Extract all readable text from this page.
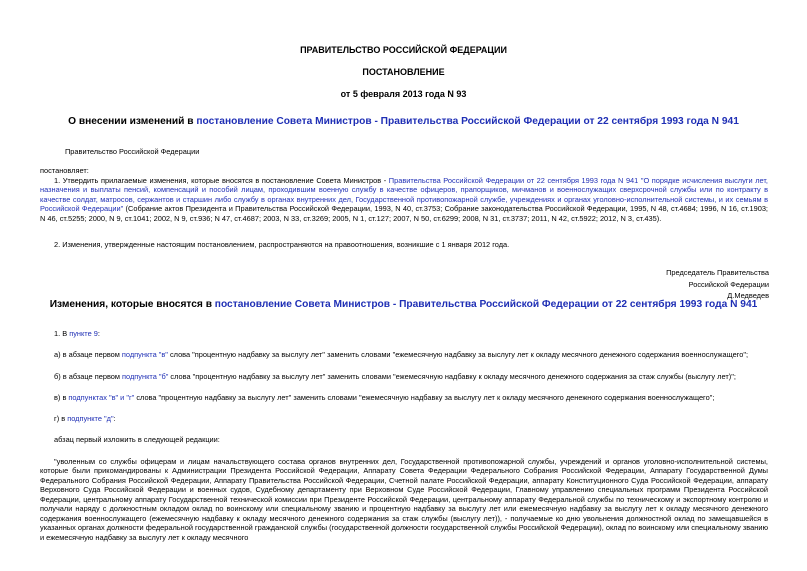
ПРАВИТЕЛЬСТВО РОССИЙСКОЙ ФЕДЕРАЦИИ
ПОСТАНОВЛЕНИЕ
от 5 февраля 2013 года N 93
О внесении изменений в постановление Совета Министров - Правительства Российской Федерации от 22 сентября 1993 года N 941
Правительство Российской Федерации
постановляет:
1. Утвердить прилагаемые изменения, которые вносятся в постановление Совета Министров - Правительства Российской Федерации от 22 сентября 1993 года N 941 "О порядке исчисления выслуги лет, назначения и выплаты пенсий, компенсаций и пособий лицам, проходившим военную службу в качестве офицеров, прапорщиков, мичманов и военнослужащих сверхсрочной службы или по контракту в качестве солдат, матросов, сержантов и старшин либо службу в органах внутренних дел, Государственной противопожарной службе, учреждениях и органах уголовно-исполнительной системы, и их семьям в Российской Федерации" (Собрание актов Президента и Правительства Российской Федерации, 1993, N 40, ст.3753; Собрание законодательства Российской Федерации, 1995, N 48, ст.4684; 1996, N 16, ст.1903; N 46, ст.5255; 2000, N 9, ст.1041; 2002, N 9, ст.936; N 47, ст.4687; 2003, N 33, ст.3269; 2005, N 1, ст.127; 2007, N 50, ст.6299; 2008, N 31, ст.3737; 2011, N 42, ст.5922; 2012, N 3, ст.435).
2. Изменения, утвержденные настоящим постановлением, распространяются на правоотношения, возникшие с 1 января 2012 года.
Председатель Правительства
Российской Федерации
Д.Медведев
Изменения, которые вносятся в постановление Совета Министров - Правительства Российской Федерации от 22 сентября 1993 года N 941
1. В пункте 9:
а) в абзаце первом подпункта "в" слова "процентную надбавку за выслугу лет" заменить словами "ежемесячную надбавку за выслугу лет к окладу месячного денежного содержания военнослужащего";
б) в абзаце первом подпункта "б" слова "процентную надбавку за выслугу лет" заменить словами "ежемесячную надбавку к окладу месячного денежного содержания за стаж службы (выслугу лет)";
в) в подпунктах "в" и "г" слова "процентную надбавку за выслугу лет" заменить словами "ежемесячную надбавку за выслугу лет к окладу месячного денежного содержания военнослужащего";
г) в подпункте "д":
абзац первый изложить в следующей редакции:
"уволенным со службы офицерам и лицам начальствующего состава органов внутренних дел, Государственной противопожарной службы, учреждений и органов уголовно-исполнительной системы, которые были прикомандированы к Администрации Президента Российской Федерации, Аппарату Совета Федерации Федерального Собрания Российской Федерации, Аппарату Государственной Думы Федерального Собрания Российской Федерации, Аппарату Правительства Российской Федерации, Счетной палате Российской Федерации, аппарату Конституционного Суда Российской Федерации, аппарату Верховного Суда Российской Федерации и военных судов, Судебному департаменту при Верховном Суде Российской Федерации, Главному управлению специальных программ Президента Российской Федерации, центральному аппарату Государственной технической комиссии при Президенте Российской Федерации, центральному аппарату Федеральной службы по техническому и экспортному контролю и получали наряду с должностным окладом оклад по воинскому или специальному званию и процентную надбавку за выслугу лет или ежемесячную надбавку за выслугу лет к окладу месячного денежного содержания военнослужащего (ежемесячную надбавку к окладу месячного денежного содержания за стаж службы (выслугу лет)), - получаемые ко дню увольнения должностной оклад по замещавшейся в указанных органах должности федеральной государственной гражданской службы (государственной должности государственной службы Российской Федерации), оклад по воинскому или специальному званию и ежемесячную надбавку за выслугу лет к окладу месячного
